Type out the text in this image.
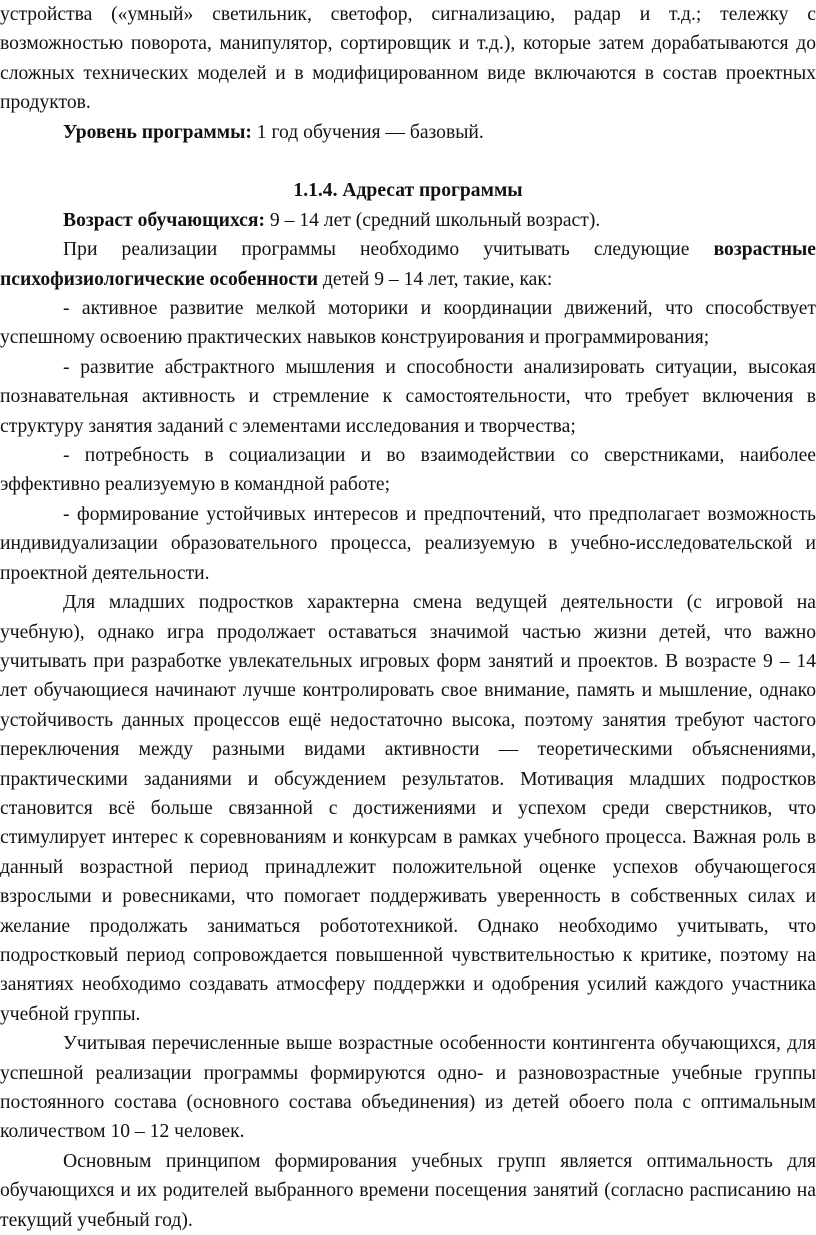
устройства («умный» светильник, светофор, сигнализацию, радар и т.д.; тележку с возможностью поворота, манипулятор, сортировщик и т.д.), которые затем дорабатываются до сложных технических моделей и в модифицированном виде включаются в состав проектных продуктов.

Уровень программы: 1 год обучения — базовый.

1.1.4. Адресат программы

Возраст обучающихся: 9 – 14 лет (средний школьный возраст).

При реализации программы необходимо учитывать следующие возрастные психофизиологические особенности детей 9 – 14 лет, такие, как:

- активное развитие мелкой моторики и координации движений, что способствует успешному освоению практических навыков конструирования и программирования;

- развитие абстрактного мышления и способности анализировать ситуации, высокая познавательная активность и стремление к самостоятельности, что требует включения в структуру занятия заданий с элементами исследования и творчества;

- потребность в социализации и во взаимодействии со сверстниками, наиболее эффективно реализуемую в командной работе;

- формирование устойчивых интересов и предпочтений, что предполагает возможность индивидуализации образовательного процесса, реализуемую в учебно-исследовательской и проектной деятельности.

Для младших подростков характерна смена ведущей деятельности (с игровой на учебную), однако игра продолжает оставаться значимой частью жизни детей, что важно учитывать при разработке увлекательных игровых форм занятий и проектов. В возрасте 9 – 14 лет обучающиеся начинают лучше контролировать свое внимание, память и мышление, однако устойчивость данных процессов ещё недостаточно высока, поэтому занятия требуют частого переключения между разными видами активности — теоретическими объяснениями, практическими заданиями и обсуждением результатов. Мотивация младших подростков становится всё больше связанной с достижениями и успехом среди сверстников, что стимулирует интерес к соревнованиям и конкурсам в рамках учебного процесса. Важная роль в данный возрастной период принадлежит положительной оценке успехов обучающегося взрослыми и ровесниками, что помогает поддерживать уверенность в собственных силах и желание продолжать заниматься робототехникой. Однако необходимо учитывать, что подростковый период сопровождается повышенной чувствительностью к критике, поэтому на занятиях необходимо создавать атмосферу поддержки и одобрения усилий каждого участника учебной группы.

Учитывая перечисленные выше возрастные особенности контингента обучающихся, для успешной реализации программы формируются одно- и разновозрастные учебные группы постоянного состава (основного состава объединения) из детей обоего пола с оптимальным количеством 10 – 12 человек.

Основным принципом формирования учебных групп является оптимальность для обучающихся и их родителей выбранного времени посещения занятий (согласно расписанию на текущий учебный год).
